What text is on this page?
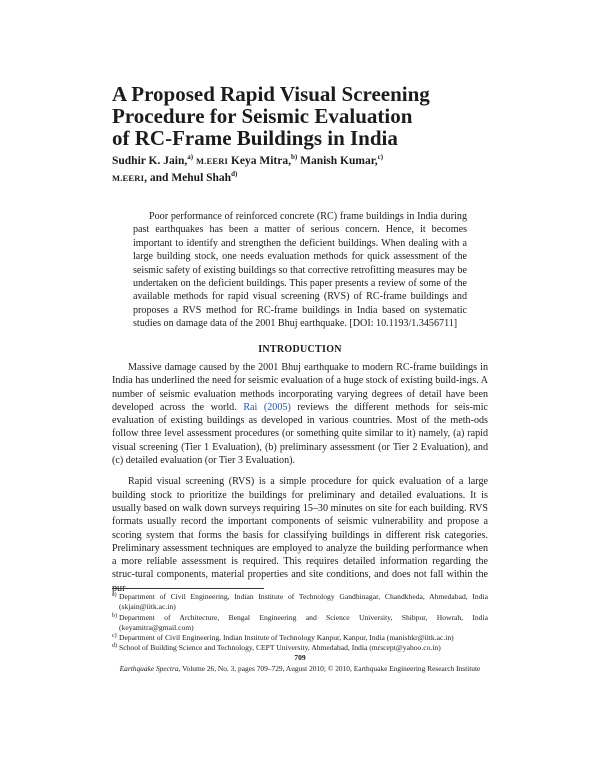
A Proposed Rapid Visual Screening
Procedure for Seismic Evaluation
of RC-Frame Buildings in India
Sudhir K. Jain,$^{a)}$ M.EERI Keya Mitra,$^{b)}$ Manish Kumar,$^{c)}$
M.EERI, and Mehul Shah$^{d)}$

Poor performance of reinforced concrete (RC) frame buildings in India during past earthquakes has been a matter of serious concern. Hence, it becomes important to identify and strengthen the deficient buildings. When dealing with a large building stock, one needs evaluation methods for quick assessment of the seismic safety of existing buildings so that corrective retrofitting measures may be undertaken on the deficient buildings. This paper presents a review of some of the available methods for rapid visual screening (RVS) of RC-frame buildings and proposes a RVS method for RC-frame buildings in India based on systematic studies on damage data of the 2001 Bhuj earthquake. [DOI: 10.1193/1.3456711]

INTRODUCTION

Massive damage caused by the 2001 Bhuj earthquake to modern RC-frame buildings in India has underlined the need for seismic evaluation of a huge stock of existing build-ings. A number of seismic evaluation methods incorporating varying degrees of detail have been developed across the world. Rai (2005) reviews the different methods for seis-mic evaluation of existing buildings as developed in various countries. Most of the meth-ods follow three level assessment procedures (or something quite similar to it) namely, (a) rapid visual screening (Tier 1 Evaluation), (b) preliminary assessment (or Tier 2 Evaluation), and (c) detailed evaluation (or Tier 3 Evaluation).

Rapid visual screening (RVS) is a simple procedure for quick evaluation of a large building stock to prioritize the buildings for preliminary and detailed evaluations. It is usually based on walk down surveys requiring 15–30 minutes on site for each building. RVS formats usually record the important components of seismic vulnerability and propose a scoring system that forms the basis for classifying buildings in different risk categories. Preliminary assessment techniques are employed to analyze the building performance when a more reliable assessment is required. This requires detailed information regarding the struc-tural components, material properties and site conditions, and does not fall within the pur-

a) Department of Civil Engineering, Indian Institute of Technology Gandhinagar, Chandkheda, Ahmedabad, India (skjain@iitk.ac.in)
b) Department of Architecture, Bengal Engineering and Science University, Shibpur, Howrah, India (keyamitra@gmail.com)
c) Department of Civil Engineering, Indian Institute of Technology Kanpur, Kanpur, India (manishkr@iitk.ac.in)
d) School of Building Science and Technology, CEPT University, Ahmedabad, India (mrscept@yahoo.co.in)
709
Earthquake Spectra, Volume 26, No. 3, pages 709–729, August 2010; © 2010, Earthquake Engineering Research Institute
